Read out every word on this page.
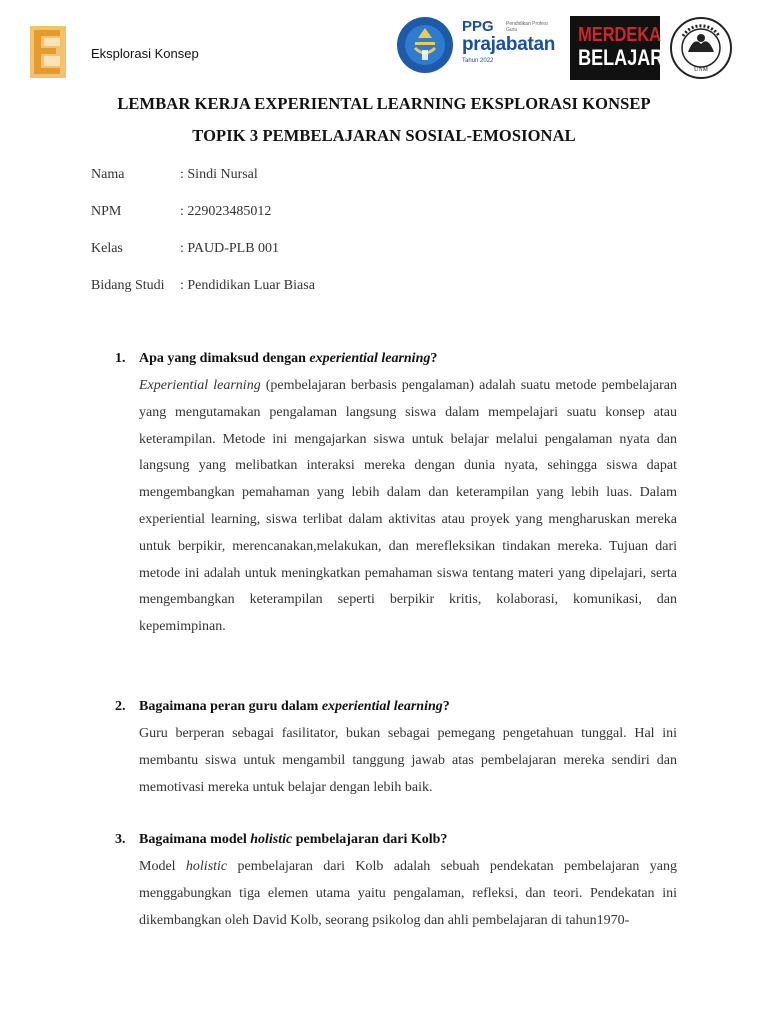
Eksplorasi Konsep
PPG Pendidikan Profesi Guru
prajabatan
Tahun 2022
MERDEKA
BELAJAR	UNM
LEMBAR KERJA EXPERIENTAL LEARNING EKSPLORASI KONSEP
TOPIK 3 PEMBELAJARAN SOSIAL-EMOSIONAL
Nama	: Sindi Nursal
NPM	: 229023485012
Kelas	: PAUD-PLB 001
Bidang Studi : Pendidikan Luar Biasa
1. Apa yang dimaksud dengan experiential learning?
Experiential learning (pembelajaran berbasis pengalaman) adalah suatu metode pembelajaran yang mengutamakan pengalaman langsung siswa dalam mempelajari suatu konsep atau keterampilan. Metode ini mengajarkan siswa untuk belajar melalui pengalaman nyata dan langsung yang melibatkan interaksi mereka dengan dunia nyata, sehingga siswa dapat mengembangkan pemahaman yang lebih dalam dan keterampilan yang lebih luas. Dalam experiential learning, siswa terlibat dalam aktivitas atau proyek yang mengharuskan mereka untuk berpikir, merencanakan,melakukan, dan merefleksikan tindakan mereka. Tujuan dari metode ini adalah untuk meningkatkan pemahaman siswa tentang materi yang dipelajari, serta mengembangkan keterampilan seperti berpikir kritis, kolaborasi, komunikasi, dan kepemimpinan.
2. Bagaimana peran guru dalam experiential learning?
Guru berperan sebagai fasilitator, bukan sebagai pemegang pengetahuan tunggal. Hal ini membantu siswa untuk mengambil tanggung jawab atas pembelajaran mereka sendiri dan memotivasi mereka untuk belajar dengan lebih baik.
3. Bagaimana model holistic pembelajaran dari Kolb?
Model holistic pembelajaran dari Kolb adalah sebuah pendekatan pembelajaran yang menggabungkan tiga elemen utama yaitu pengalaman, refleksi, dan teori. Pendekatan ini dikembangkan oleh David Kolb, seorang psikolog dan ahli pembelajaran di tahun1970-
